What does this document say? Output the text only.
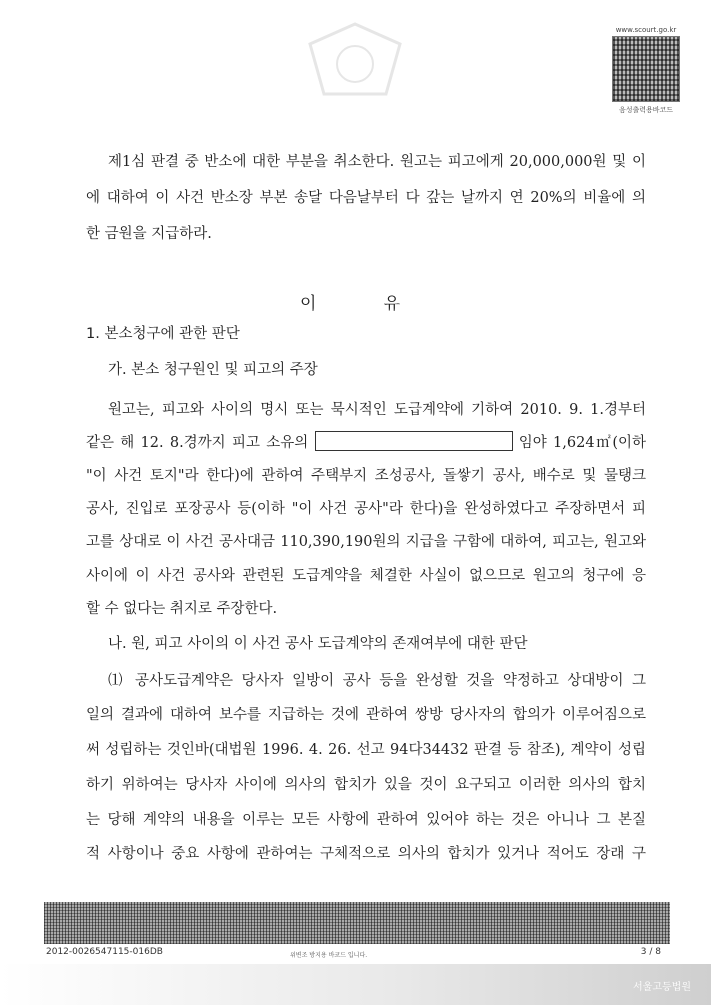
www.scourt.go.kr
음성출력용바코드
제1심 판결 중 반소에 대한 부분을 취소한다. 원고는 피고에게 20,000,000원 및 이
에 대하여 이 사건 반소장 부본 송달 다음날부터 다 갚는 날까지 연 20%의 비율에 의
한 금원을 지급하라.
이	유
1. 본소청구에 관한 판단
가. 본소 청구원인 및 피고의 주장
원고는, 피고와 사이의 명시 또는 묵시적인 도급계약에 기하여 2010. 9. 1.경부터
같은 해 12. 8.경까지 피고 소유의	임야 1,624㎡(이하
"이 사건 토지"라 한다)에 관하여 주택부지 조성공사, 돌쌓기 공사, 배수로 및 물탱크
공사, 진입로 포장공사 등(이하 "이 사건 공사"라 한다)을 완성하였다고 주장하면서 피
고를 상대로 이 사건 공사대금 110,390,190원의 지급을 구함에 대하여, 피고는, 원고와
사이에 이 사건 공사와 관련된 도급계약을 체결한 사실이 없으므로 원고의 청구에 응
할 수 없다는 취지로 주장한다.
나. 원, 피고 사이의 이 사건 공사 도급계약의 존재여부에 대한 판단
⑴ 공사도급계약은 당사자 일방이 공사 등을 완성할 것을 약정하고 상대방이 그
일의 결과에 대하여 보수를 지급하는 것에 관하여 쌍방 당사자의 합의가 이루어짐으로
써 성립하는 것인바(대법원 1996. 4. 26. 선고 94다34432 판결 등 참조), 계약이 성립
하기 위하여는 당사자 사이에 의사의 합치가 있을 것이 요구되고 이러한 의사의 합치
는 당해 계약의 내용을 이루는 모든 사항에 관하여 있어야 하는 것은 아니나 그 본질
적 사항이나 중요 사항에 관하여는 구체적으로 의사의 합치가 있거나 적어도 장래 구
2012-0026547115-016DB	위변조 방지용 바코드 입니다.	3 / 8
서울고등법원
